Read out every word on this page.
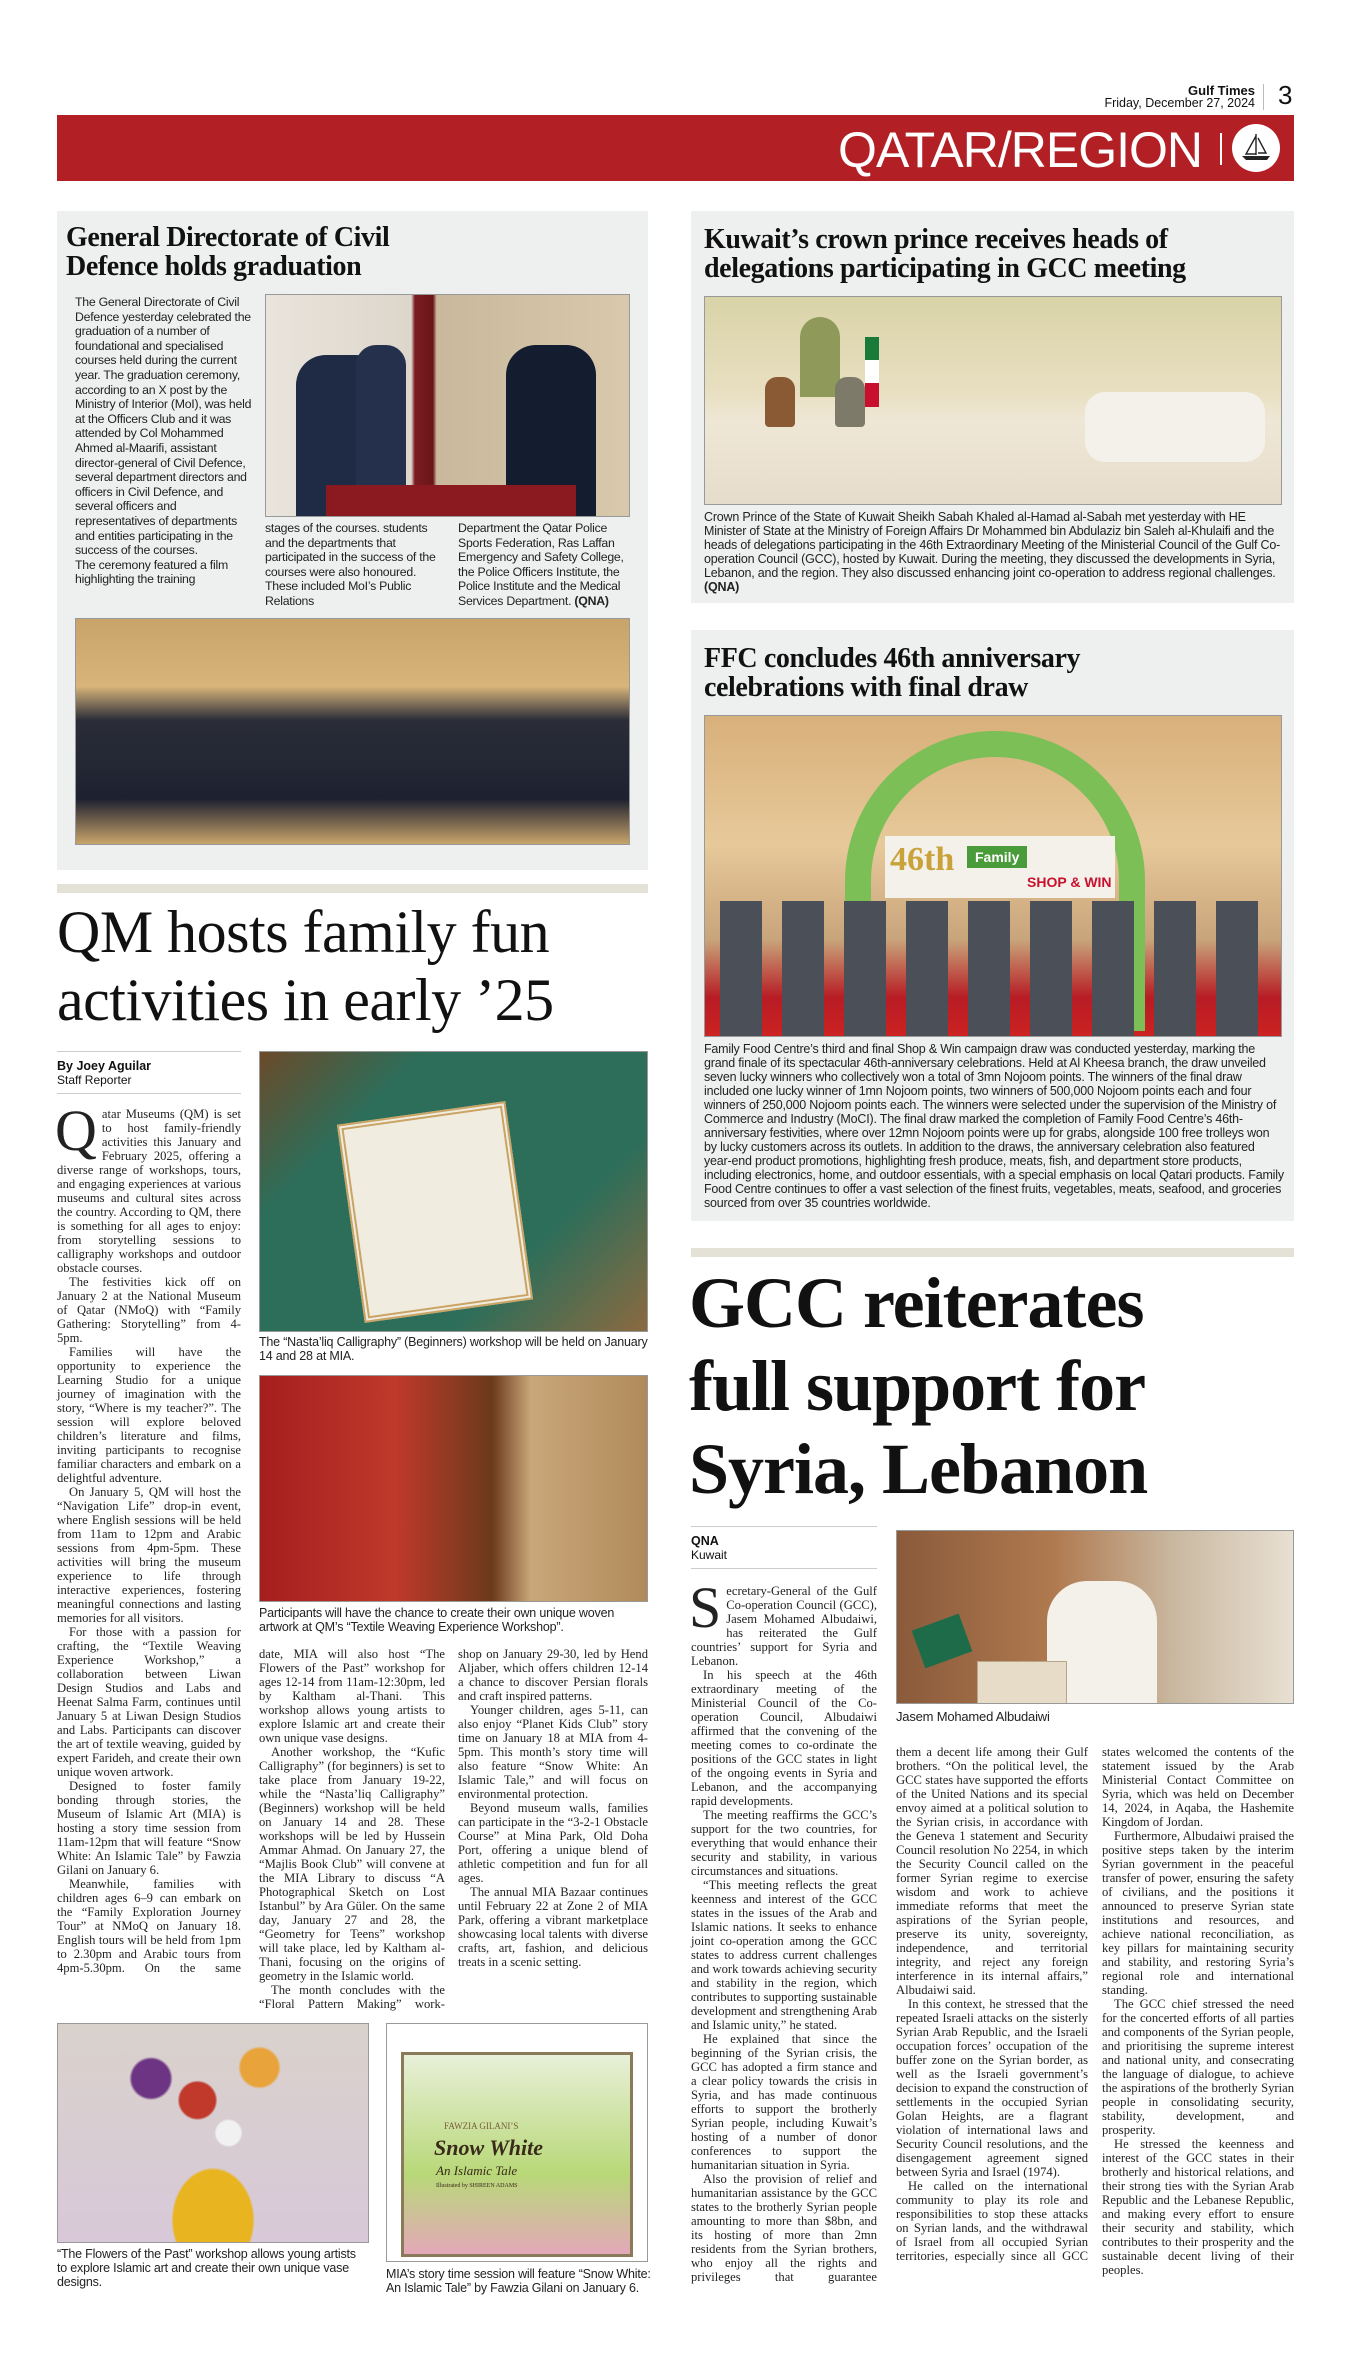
Gulf Times
Friday, December 27, 2024 3
QATAR/REGION
General Directorate of Civil
Defence holds graduation
The General Directorate of Civil Defence yesterday celebrated the graduation of a number of foundational and specialised courses held during the current year. The graduation ceremony, according to an X post by the Ministry of Interior (MoI), was held at the Officers Club and it was attended by Col Mohammed Ahmed al-Maarifi, assistant director-general of Civil Defence, several department directors and officers in Civil Defence, and several officers and representatives of departments and entities participating in the success of the courses.
The ceremony featured a film highlighting the training
stages of the courses. students and the departments that participated in the success of the courses were also honoured. These included MoI’s Public Relations
Department the Qatar Police Sports Federation, Ras Laffan Emergency and Safety College, the Police Officers Institute, the Police Institute and the Medical Services Department. (QNA)
Kuwait’s crown prince receives heads of
delegations participating in GCC meeting
Crown Prince of the State of Kuwait Sheikh Sabah Khaled al-Hamad al-Sabah met yesterday with HE Minister of State at the Ministry of Foreign Affairs Dr Mohammed bin Abdulaziz bin Saleh al-Khulaifi and the heads of delegations participating in the 46th Extraordinary Meeting of the Ministerial Council of the Gulf Co-operation Council (GCC), hosted by Kuwait. During the meeting, they discussed the developments in Syria, Lebanon, and the region. They also discussed enhancing joint co-operation to address regional challenges. (QNA)
FFC concludes 46th anniversary
celebrations with final draw
46th	Family
SHOP & WIN
Family Food Centre’s third and final Shop & Win campaign draw was conducted yesterday, marking the grand finale of its spectacular 46th-anniversary celebrations. Held at Al Kheesa branch, the draw unveiled seven lucky winners who collectively won a total of 3mn Nojoom points. The winners of the final draw included one lucky winner of 1mn Nojoom points, two winners of 500,000 Nojoom points each and four winners of 250,000 Nojoom points each. The winners were selected under the supervision of the Ministry of Commerce and Industry (MoCI). The final draw marked the completion of Family Food Centre’s 46th-anniversary festivities, where over 12mn Nojoom points were up for grabs, alongside 100 free trolleys won by lucky customers across its outlets. In addition to the draws, the anniversary celebration also featured year-end product promotions, highlighting fresh produce, meats, fish, and department store products, including electronics, home, and outdoor essentials, with a special emphasis on local Qatari products. Family Food Centre continues to offer a vast selection of the finest fruits, vegetables, meats, seafood, and groceries sourced from over 35 countries worldwide.
QM hosts family fun
activities in early ’25
By Joey Aguilar
Staff Reporter

Qatar Museums (QM) is set to host family-friendly activities this January and February 2025, offering a diverse range of workshops, tours, and engaging experiences at various museums and cultural sites across the country. According to QM, there is something for all ages to enjoy: from storytelling sessions to calligraphy workshops and outdoor obstacle courses.

The festivities kick off on January 2 at the National Museum of Qatar (NMoQ) with “Family Gathering: Storytelling” from 4-5pm.

Families will have the opportunity to experience the Learning Studio for a unique journey of imagination with the story, “Where is my teacher?”. The session will explore beloved children’s literature and films, inviting participants to recognise familiar characters and embark on a delightful adventure.

On January 5, QM will host the “Navigation Life” drop-in event, where English sessions will be held from 11am to 12pm and Arabic sessions from 4pm-5pm. These activities will bring the museum experience to life through interactive experiences, fostering meaningful connections and lasting memories for all visitors.

For those with a passion for crafting, the “Textile Weaving Experience Workshop,” a collaboration between Liwan Design Studios and Labs and Heenat Salma Farm, continues until January 5 at Liwan Design Studios and Labs. Participants can discover the art of textile weaving, guided by expert Farideh, and create their own unique woven artwork.

Designed to foster family bonding through stories, the Museum of Islamic Art (MIA) is hosting a story time session from 11am-12pm that will feature “Snow White: An Islamic Tale” by Fawzia Gilani on January 6.

Meanwhile, families with children ages 6–9 can embark on the “Family Exploration Journey Tour” at NMoQ on January 18. English tours will be held from 1pm to 2.30pm and Arabic tours from 4pm-5.30pm. On the same

The “Nasta’liq Calligraphy” (Beginners) workshop will be held on January 14 and 28 at MIA.
Participants will have the chance to create their own unique woven artwork at QM’s “Textile Weaving Experience Workshop”.

date, MIA will also host “The Flowers of the Past” workshop for ages 12-14 from 11am-12:30pm, led by Kaltham al-Thani. This workshop allows young artists to explore Islamic art and create their own unique vase designs.

Another workshop, the “Kufic Calligraphy” (for beginners) is set to take place from January 19-22, while the “Nasta’liq Calligraphy” (Beginners) workshop will be held on January 14 and 28. These workshops will be led by Hussein Ammar Ahmad. On January 27, the “Majlis Book Club” will convene at the MIA Library to discuss “A Photographical Sketch on Lost Istanbul” by Ara Güler. On the same day, January 27 and 28, the “Geometry for Teens” workshop will take place, led by Kaltham al-Thani, focusing on the origins of geometry in the Islamic world.

The month concludes with the “Floral Pattern Making” work-

shop on January 29-30, led by Hend Aljaber, which offers children 12-14 a chance to discover Persian florals and craft inspired patterns.

Younger children, ages 5-11, can also enjoy “Planet Kids Club” story time on January 18 at MIA from 4-5pm. This month’s story time will also feature “Snow White: An Islamic Tale,” and will focus on environmental protection.

Beyond museum walls, families can participate in the “3-2-1 Obstacle Course” at Mina Park, Old Doha Port, offering a unique blend of athletic competition and fun for all ages.

The annual MIA Bazaar continues until February 22 at Zone 2 of MIA Park, offering a vibrant marketplace showcasing local talents with diverse crafts, art, fashion, and delicious treats in a scenic setting.

“The Flowers of the Past” workshop allows young artists to explore Islamic art and create their own unique vase designs.
FAWZIA GILANI’S
Snow White
An Islamic Tale
Illustrated by SHIREEN ADAMS
MIA’s story time session will feature “Snow White: An Islamic Tale” by Fawzia Gilani on January 6.
GCC reiterates
full support for
Syria, Lebanon
QNA
Kuwait

Secretary-General of the Gulf Co-operation Council (GCC), Jasem Mohamed Albudaiwi, has reiterated the Gulf countries’ support for Syria and Lebanon.

In his speech at the 46th extraordinary meeting of the Ministerial Council of the Co-operation Council, Albudaiwi affirmed that the convening of the meeting comes to co-ordinate the positions of the GCC states in light of the ongoing events in Syria and Lebanon, and the accompanying rapid developments.

The meeting reaffirms the GCC’s support for the two countries, for everything that would enhance their security and stability, in various circumstances and situations.

“This meeting reflects the great keenness and interest of the GCC states in the issues of the Arab and Islamic nations. It seeks to enhance joint co-operation among the GCC states to address current challenges and work towards achieving security and stability in the region, which contributes to supporting sustainable development and strengthening Arab and Islamic unity,” he stated.

He explained that since the beginning of the Syrian crisis, the GCC has adopted a firm stance and a clear policy towards the crisis in Syria, and has made continuous efforts to support the brotherly Syrian people, including Kuwait’s hosting of a number of donor conferences to support the humanitarian situation in Syria.

Also the provision of relief and humanitarian assistance by the GCC states to the brotherly Syrian people amounting to more than $8bn, and its hosting of more than 2mn residents from the Syrian brothers, who enjoy all the rights and privileges that guarantee

Jasem Mohamed Albudaiwi

them a decent life among their Gulf brothers. “On the political level, the GCC states have supported the efforts of the United Nations and its special envoy aimed at a political solution to the Syrian crisis, in accordance with the Geneva 1 statement and Security Council resolution No 2254, in which the Security Council called on the former Syrian regime to exercise wisdom and work to achieve immediate reforms that meet the aspirations of the Syrian people, preserve its unity, sovereignty, independence, and territorial integrity, and reject any foreign interference in its internal affairs,” Albudaiwi said.

In this context, he stressed that the repeated Israeli attacks on the sisterly Syrian Arab Republic, and the Israeli occupation forces’ occupation of the buffer zone on the Syrian border, as well as the Israeli government’s decision to expand the construction of settlements in the occupied Syrian Golan Heights, are a flagrant violation of international laws and Security Council resolutions, and the disengagement agreement signed between Syria and Israel (1974).

He called on the international community to play its role and responsibilities to stop these attacks on Syrian lands, and the withdrawal of Israel from all occupied Syrian territories, especially since all GCC

states welcomed the contents of the statement issued by the Arab Ministerial Contact Committee on Syria, which was held on December 14, 2024, in Aqaba, the Hashemite Kingdom of Jordan.

Furthermore, Albudaiwi praised the positive steps taken by the interim Syrian government in the peaceful transfer of power, ensuring the safety of civilians, and the positions it announced to preserve Syrian state institutions and resources, and achieve national reconciliation, as key pillars for maintaining security and stability, and restoring Syria’s regional role and international standing.

The GCC chief stressed the need for the concerted efforts of all parties and components of the Syrian people, and prioritising the supreme interest and national unity, and consecrating the language of dialogue, to achieve the aspirations of the brotherly Syrian people in consolidating security, stability, development, and prosperity.

He stressed the keenness and interest of the GCC states in their brotherly and historical relations, and their strong ties with the Syrian Arab Republic and the Lebanese Republic, and making every effort to ensure their security and stability, which contributes to their prosperity and the sustainable decent living of their peoples.
